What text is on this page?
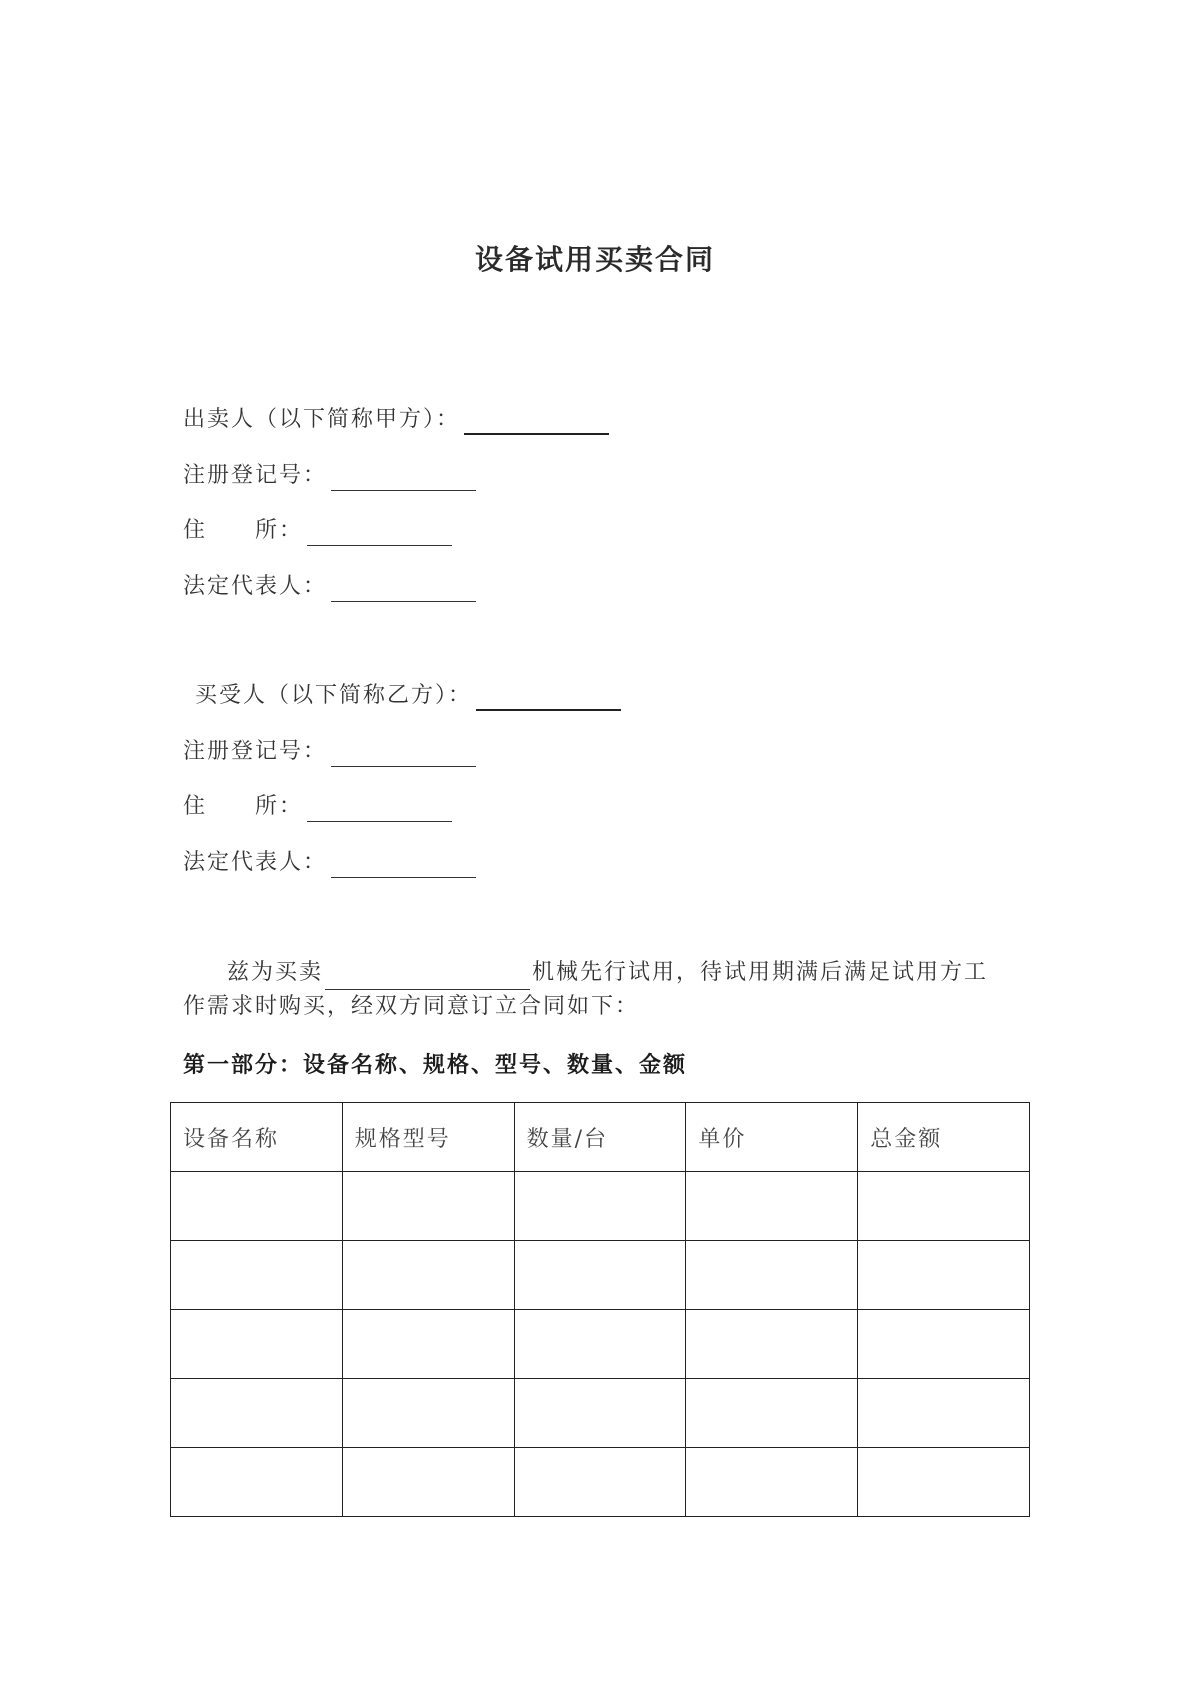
设备试用买卖合同
出卖人（以下简称甲方）：
注册登记号：
住　　所：
法定代表人：
买受人（以下简称乙方）：
注册登记号：
住　　所：
法定代表人：
兹为买卖	机械先行试用，待试用期满后满足试用方工
作需求时购买，经双方同意订立合同如下：
第一部分：设备名称、规格、型号、数量、金额
设备名称	规格型号	数量/台	单价	总金额
